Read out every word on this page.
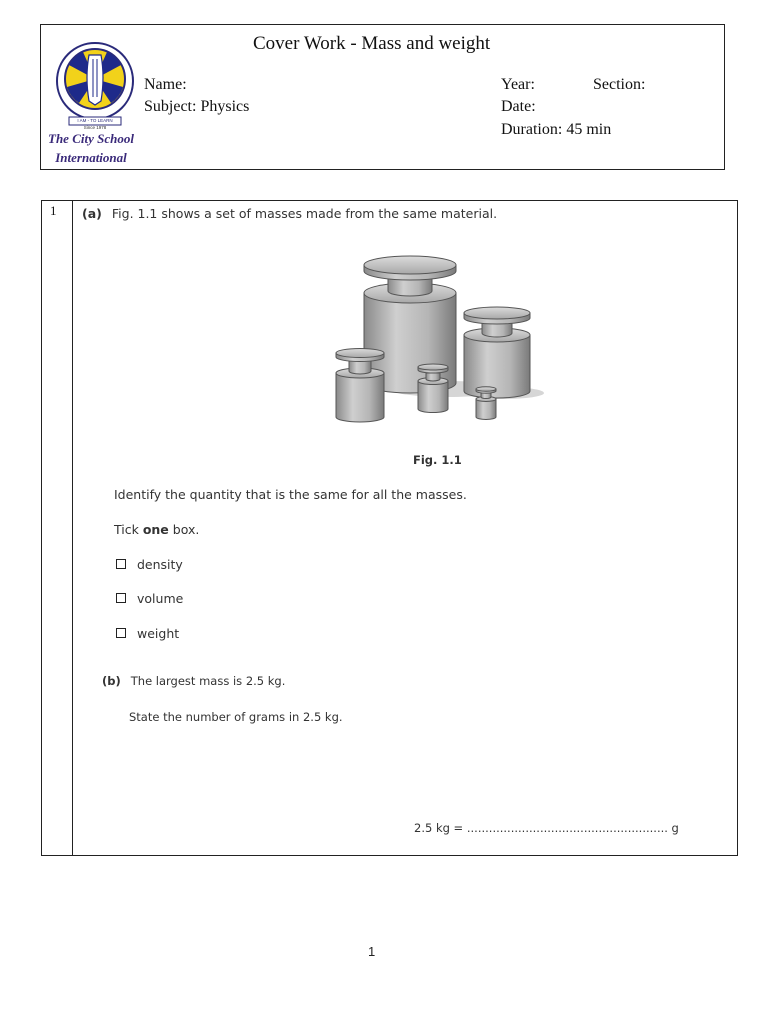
I AM - TO LEARN
Since 1978
The City School
International
Cover Work - Mass and weight
Name:
Subject: Physics
Year:	Section:
Date:
Duration: 45 min
1 (a) Fig. 1.1 shows a set of masses made from the same material.
Fig. 1.1
Identify the quantity that is the same for all the masses.
Tick one box.
density
volume
weight
(b) The largest mass is 2.5 kg.
State the number of grams in 2.5 kg.
2.5 kg = ....................................................... g
1
